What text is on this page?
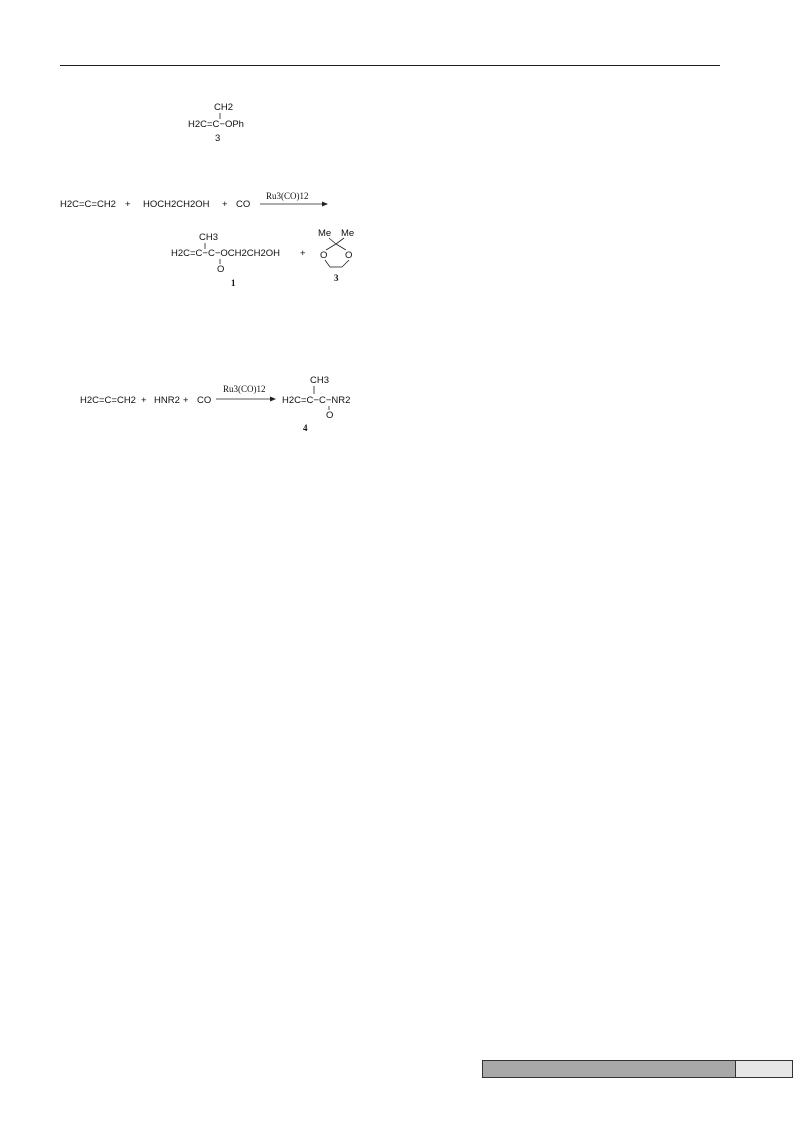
CH2
H2C=C−OPh
3
H2C=C=CH2 + HOCH2CH2OH + CO
Ru3(CO)12
CH3
H2C=C−C−OCH2CH2OH
O
1
+
Me Me
O O
3
H2C=C=CH2 + HNR2 + CO
Ru3(CO)12
CH3
H2C=C−C−NR2
O
4
